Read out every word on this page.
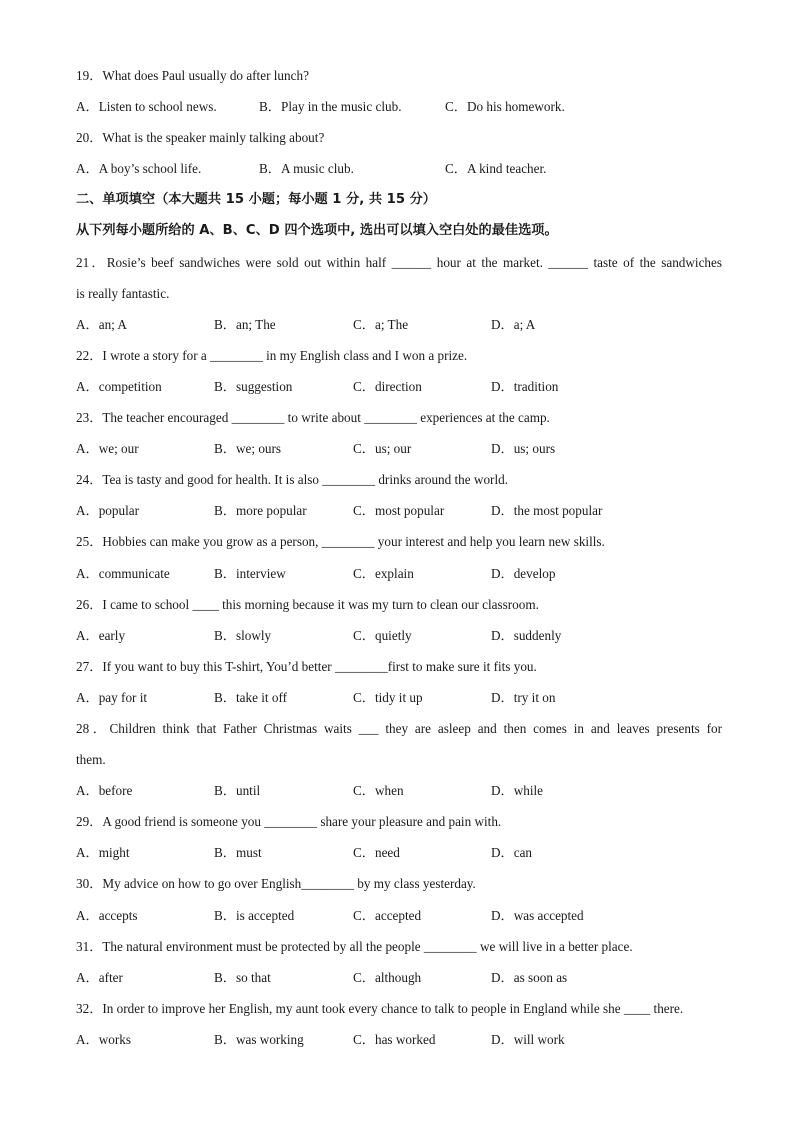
19．What does Paul usually do after lunch?
A．Listen to school news.	B．Play in the music club.	C．Do his homework.
20．What is the speaker mainly talking about?
A．A boy’s school life.	B．A music club.	C．A kind teacher.
二、单项填空（本大题共 15 小题；每小题 1 分, 共 15 分）
从下列每小题所给的 A、B、C、D 四个选项中, 选出可以填入空白处的最佳选项。
21．Rosie’s beef sandwiches were sold out within half ______ hour at the market. ______ taste of the sandwiches
is really fantastic.
A．an; A	B．an; The	C．a; The	D．a; A
22．I wrote a story for a ________ in my English class and I won a prize.
A．competition	B．suggestion	C．direction	D．tradition
23．The teacher encouraged ________ to write about ________ experiences at the camp.
A．we; our	B．we; ours	C．us; our	D．us; ours
24．Tea is tasty and good for health. It is also ________ drinks around the world.
A．popular	B．more popular	C．most popular	D．the most popular
25．Hobbies can make you grow as a person, ________ your interest and help you learn new skills.
A．communicate	B．interview	C．explain	D．develop
26．I came to school ____ this morning because it was my turn to clean our classroom.
A．early	B．slowly	C．quietly	D．suddenly
27．If you want to buy this T-shirt, You’d better ________first to make sure it fits you.
A．pay for it	B．take it off	C．tidy it up	D．try it on
28．Children think that Father Christmas waits ___ they are asleep and then comes in and leaves presents for
them.
A．before	B．until	C．when	D．while
29．A good friend is someone you ________ share your pleasure and pain with.
A．might	B．must	C．need	D．can
30．My advice on how to go over English________ by my class yesterday.
A．accepts	B．is accepted	C．accepted	D．was accepted
31．The natural environment must be protected by all the people ________ we will live in a better place.
A．after	B．so that	C．although	D．as soon as
32．In order to improve her English, my aunt took every chance to talk to people in England while she ____ there.
A．works	B．was working	C．has worked	D．will work
